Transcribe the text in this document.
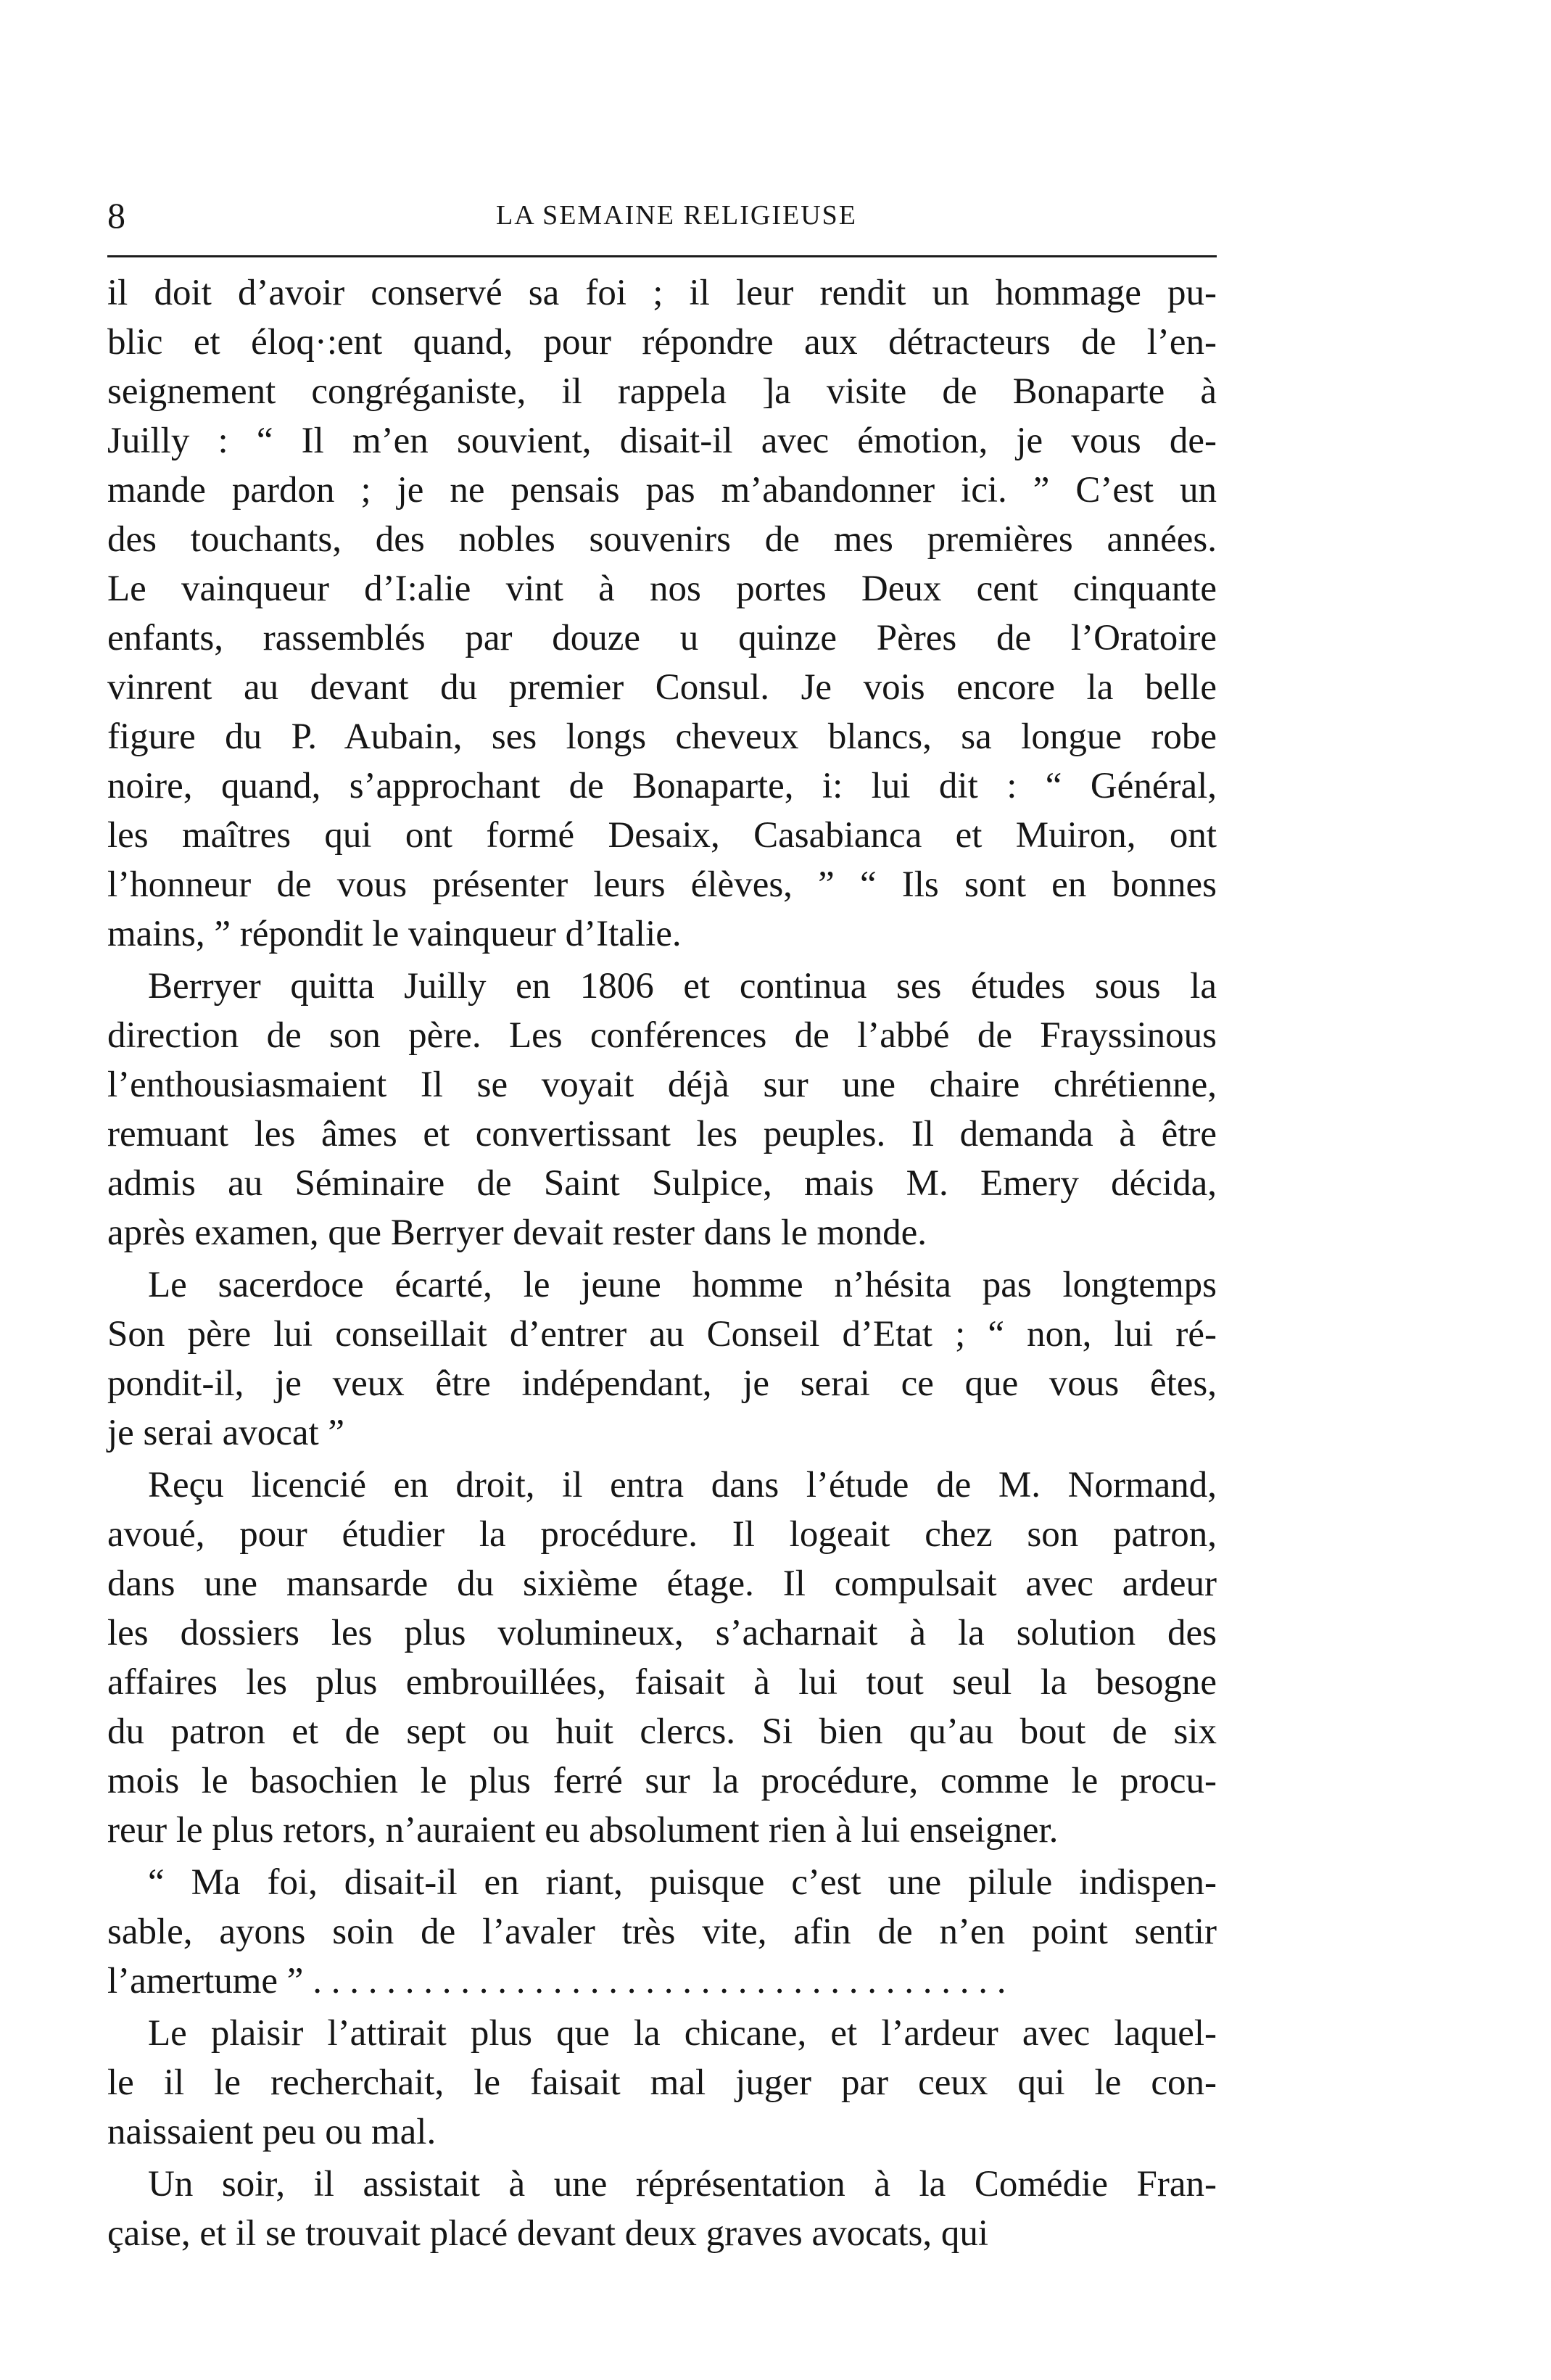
8	LA SEMAINE RELIGIEUSE
il doit d’avoir conservé sa foi ; il leur rendit un hommage pu-
blic et éloq·:ent quand, pour répondre aux détracteurs de l’en-
seignement congréganiste, il rappela ]a visite de Bonaparte à
Juilly : “ Il m’en souvient, disait-il avec émotion, je vous de-
mande pardon ; je ne pensais pas m’abandonner ici. ” C’est un
des touchants, des nobles souvenirs de mes premières années.
Le vainqueur d’I:alie vint à nos portes Deux cent cinquante
enfants, rassemblés par douze u quinze Pères de l’Oratoire
vinrent au devant du premier Consul. Je vois encore la belle
figure du P. Aubain, ses longs cheveux blancs, sa longue robe
noire, quand, s’approchant de Bonaparte, i: lui dit : “ Général,
les maîtres qui ont formé Desaix, Casabianca et Muiron, ont
l’honneur de vous présenter leurs élèves, ” “ Ils sont en bonnes
mains, ” répondit le vainqueur d’Italie.
Berryer quitta Juilly en 1806 et continua ses études sous la
direction de son père. Les conférences de l’abbé de Frayssinous
l’enthousiasmaient Il se voyait déjà sur une chaire chrétienne,
remuant les âmes et convertissant les peuples. Il demanda à être
admis au Séminaire de Saint Sulpice, mais M. Emery décida,
après examen, que Berryer devait rester dans le monde.
Le sacerdoce écarté, le jeune homme n’hésita pas longtemps
Son père lui conseillait d’entrer au Conseil d’Etat ; “ non, lui ré-
pondit-il, je veux être indépendant, je serai ce que vous êtes,
je serai avocat ”
Reçu licencié en droit, il entra dans l’étude de M. Normand,
avoué, pour étudier la procédure. Il logeait chez son patron,
dans une mansarde du sixième étage. Il compulsait avec ardeur
les dossiers les plus volumineux, s’acharnait à la solution des
affaires les plus embrouillées, faisait à lui tout seul la besogne
du patron et de sept ou huit clercs. Si bien qu’au bout de six
mois le basochien le plus ferré sur la procédure, comme le procu-
reur le plus retors, n’auraient eu absolument rien à lui enseigner.
“ Ma foi, disait-il en riant, puisque c’est une pilule indispen-
sable, ayons soin de l’avaler très vite, afin de n’en point sentir
l’amertume ” . . . . . . . . . . . . . . . . . . . . . . . . . . . . . . . . . . . . . .
Le plaisir l’attirait plus que la chicane, et l’ardeur avec laquel-
le il le recherchait, le faisait mal juger par ceux qui le con-
naissaient peu ou mal.
Un soir, il assistait à une réprésentation à la Comédie Fran-
çaise, et il se trouvait placé devant deux graves avocats, qui
